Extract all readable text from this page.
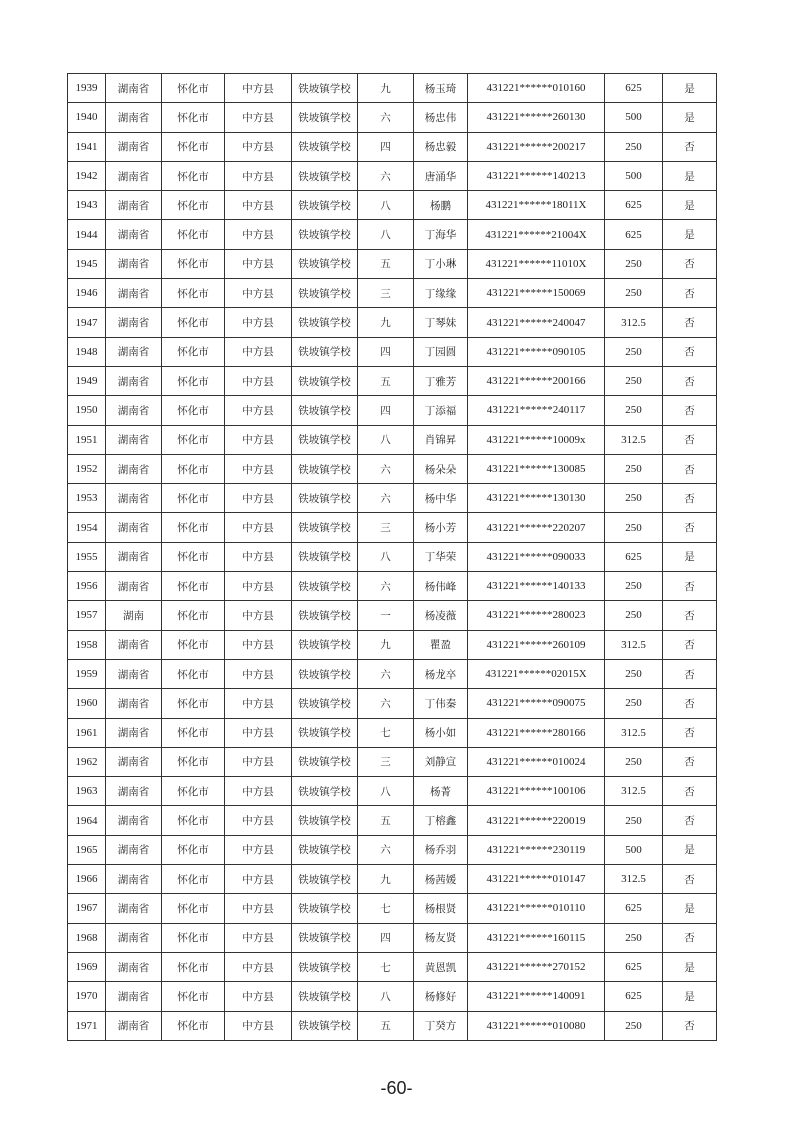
1939	湖南省	怀化市	中方县	铁坡镇学校	九	杨玉琦	431221******010160	625	是
1940	湖南省	怀化市	中方县	铁坡镇学校	六	杨忠伟	431221******260130	500	是
1941	湖南省	怀化市	中方县	铁坡镇学校	四	杨忠毅	431221******200217	250	否
1942	湖南省	怀化市	中方县	铁坡镇学校	六	唐涌华	431221******140213	500	是
1943	湖南省	怀化市	中方县	铁坡镇学校	八	杨鹏	431221******18011X	625	是
1944	湖南省	怀化市	中方县	铁坡镇学校	八	丁海华	431221******21004X	625	是
1945	湖南省	怀化市	中方县	铁坡镇学校	五	丁小琳	431221******11010X	250	否
1946	湖南省	怀化市	中方县	铁坡镇学校	三	丁缘缘	431221******150069	250	否
1947	湖南省	怀化市	中方县	铁坡镇学校	九	丁琴妹	431221******240047	312.5	否
1948	湖南省	怀化市	中方县	铁坡镇学校	四	丁园圆	431221******090105	250	否
1949	湖南省	怀化市	中方县	铁坡镇学校	五	丁雅芳	431221******200166	250	否
1950	湖南省	怀化市	中方县	铁坡镇学校	四	丁添福	431221******240117	250	否
1951	湖南省	怀化市	中方县	铁坡镇学校	八	肖锦昇	431221******10009x	312.5	否
1952	湖南省	怀化市	中方县	铁坡镇学校	六	杨朵朵	431221******130085	250	否
1953	湖南省	怀化市	中方县	铁坡镇学校	六	杨中华	431221******130130	250	否
1954	湖南省	怀化市	中方县	铁坡镇学校	三	杨小芳	431221******220207	250	否
1955	湖南省	怀化市	中方县	铁坡镇学校	八	丁华荣	431221******090033	625	是
1956	湖南省	怀化市	中方县	铁坡镇学校	六	杨伟峰	431221******140133	250	否
1957	湖南	怀化市	中方县	铁坡镇学校	一	杨凌薇	431221******280023	250	否
1958	湖南省	怀化市	中方县	铁坡镇学校	九	瞿盈	431221******260109	312.5	否
1959	湖南省	怀化市	中方县	铁坡镇学校	六	杨龙卒	431221******02015X	250	否
1960	湖南省	怀化市	中方县	铁坡镇学校	六	丁伟秦	431221******090075	250	否
1961	湖南省	怀化市	中方县	铁坡镇学校	七	杨小如	431221******280166	312.5	否
1962	湖南省	怀化市	中方县	铁坡镇学校	三	刘静宣	431221******010024	250	否
1963	湖南省	怀化市	中方县	铁坡镇学校	八	杨菁	431221******100106	312.5	否
1964	湖南省	怀化市	中方县	铁坡镇学校	五	丁榕鑫	431221******220019	250	否
1965	湖南省	怀化市	中方县	铁坡镇学校	六	杨乔羽	431221******230119	500	是
1966	湖南省	怀化市	中方县	铁坡镇学校	九	杨茜媛	431221******010147	312.5	否
1967	湖南省	怀化市	中方县	铁坡镇学校	七	杨根贤	431221******010110	625	是
1968	湖南省	怀化市	中方县	铁坡镇学校	四	杨友贤	431221******160115	250	否
1969	湖南省	怀化市	中方县	铁坡镇学校	七	黄恩凯	431221******270152	625	是
1970	湖南省	怀化市	中方县	铁坡镇学校	八	杨修好	431221******140091	625	是
1971	湖南省	怀化市	中方县	铁坡镇学校	五	丁癸方	431221******010080	250	否
-60-
